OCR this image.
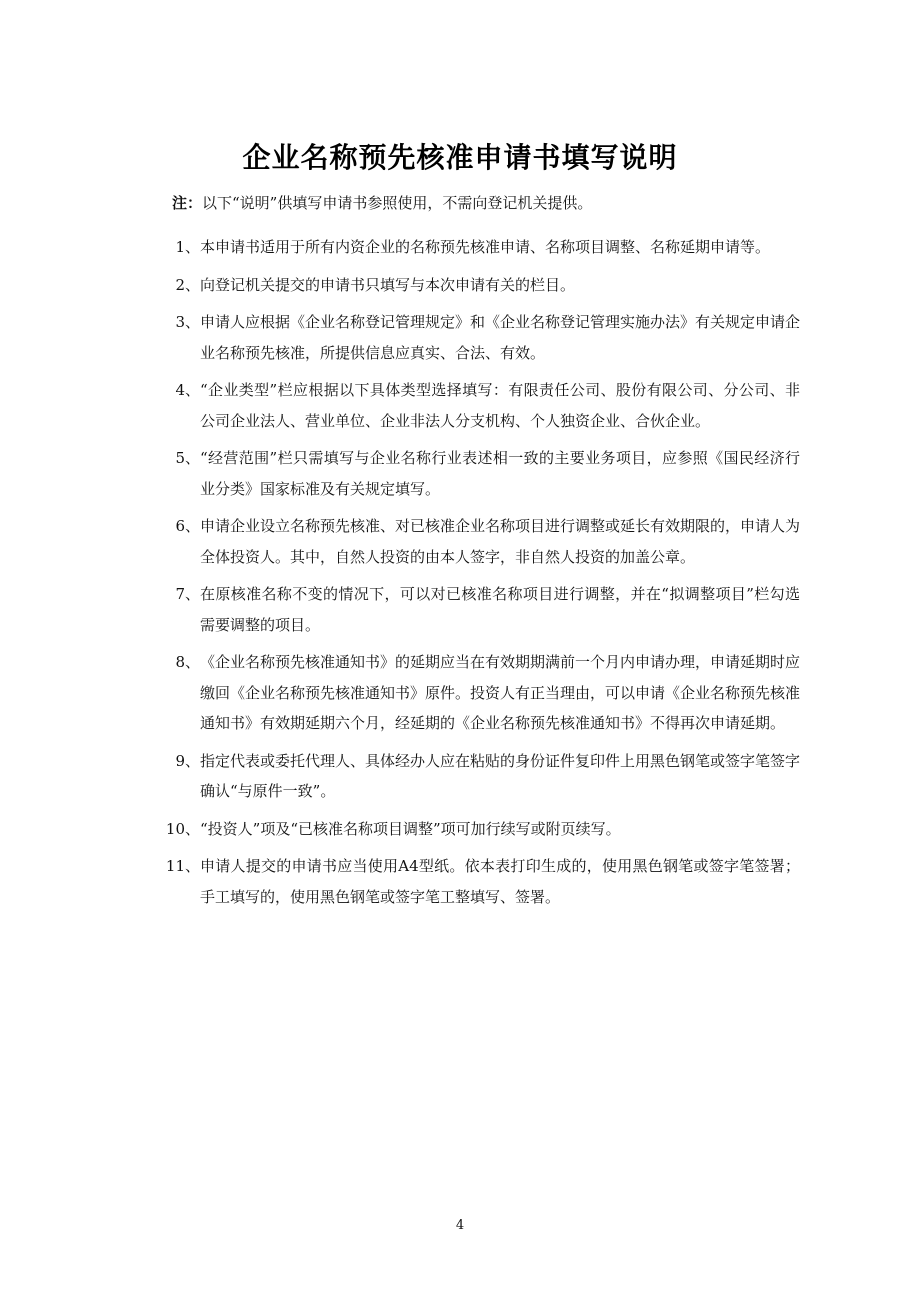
企业名称预先核准申请书填写说明
注：以下“说明”供填写申请书参照使用，不需向登记机关提供。
1、 本申请书适用于所有内资企业的名称预先核准申请、名称项目调整、名称延期申请等。
2、 向登记机关提交的申请书只填写与本次申请有关的栏目。
3、 申请人应根据《企业名称登记管理规定》和《企业名称登记管理实施办法》有关规定申请企业名称预先核准，所提供信息应真实、合法、有效。
4、 “企业类型”栏应根据以下具体类型选择填写：有限责任公司、股份有限公司、分公司、非公司企业法人、营业单位、企业非法人分支机构、个人独资企业、合伙企业。
5、 “经营范围”栏只需填写与企业名称行业表述相一致的主要业务项目，应参照《国民经济行业分类》国家标准及有关规定填写。
6、 申请企业设立名称预先核准、对已核准企业名称项目进行调整或延长有效期限的，申请人为全体投资人。其中，自然人投资的由本人签字，非自然人投资的加盖公章。
7、 在原核准名称不变的情况下，可以对已核准名称项目进行调整，并在“拟调整项目”栏勾选需要调整的项目。
8、 《企业名称预先核准通知书》的延期应当在有效期期满前一个月内申请办理，申请延期时应缴回《企业名称预先核准通知书》原件。投资人有正当理由，可以申请《企业名称预先核准通知书》有效期延期六个月，经延期的《企业名称预先核准通知书》不得再次申请延期。
9、 指定代表或委托代理人、具体经办人应在粘贴的身份证件复印件上用黑色钢笔或签字笔签字确认“与原件一致”。
10、 “投资人”项及“已核准名称项目调整”项可加行续写或附页续写。
11、 申请人提交的申请书应当使用A4型纸。依本表打印生成的，使用黑色钢笔或签字笔签署；手工填写的，使用黑色钢笔或签字笔工整填写、签署。
4
